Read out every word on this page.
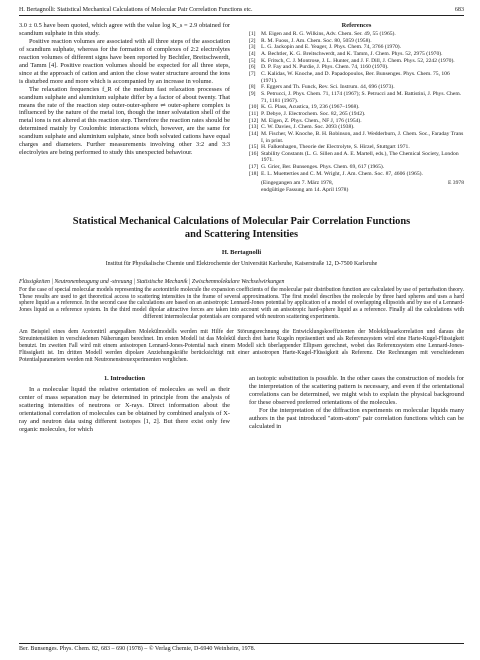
H. Bertagnolli: Statistical Mechanical Calculations of Molecular Pair Correlation Functions etc.	683

3.0 ± 0.5 have been quoted, which agree with the value log K_s = 2.9 obtained for scandium sulphate in this study.

Positive reaction volumes are associated with all three steps of the association of scandium sulphate, whereas for the formation of complexes of 2:2 electrolytes reaction volumes of different signs have been reported by Bechtler, Breitschwerdt, and Tamm [4]. Positive reaction volumes should be expected for all three steps, since at the approach of cation and anion the close water structure around the ions is disturbed more and more which is accompanied by an increase in volume.

The relaxation frequencies f_R of the medium fast relaxation processes of scandium sulphate and aluminium sulphate differ by a factor of about twenty. That means the rate of the reaction step outer-outer-sphere ⇌ outer-sphere complex is influenced by the nature of the metal ion, though the inner solvatation shell of the metal ions is not altered at this reaction step. Therefore the reaction rates should be determined mainly by Coulombic interactions which, however, are the same for scandium sulphate and aluminium sulphate, since both solvated cations have equal charges and diameters. Further measurements involving other 3:2 and 3:3 electrolytes are being performed to study this unexpected behaviour.

References
[1] M. Eigen and R. G. Wilkins, Adv. Chem. Ser. 49, 55 (1965).
[2] R. M. Fuoss, J. Am. Chem. Soc. 80, 5059 (1958).
[3] L. G. Jackopin and E. Yeager, J. Phys. Chem. 74, 3766 (1970).
[4] A. Bechtler, K. G. Breitschwerdt, and K. Tamm, J. Chem. Phys. 52, 2975 (1970).
[5] K. Fritsch, C. J. Montrose, J. L. Hunter, and J. F. Dill, J. Chem. Phys. 52, 2242 (1970).
[6] D. P. Fay and N. Purdie, J. Phys. Chem. 74, 1160 (1970).
[7] C. Kalidas, W. Knoche, and D. Papadopoulos, Ber. Bunsenges. Phys. Chem. 75, 106 (1971).
[8] F. Eggers and Th. Funck, Rev. Sci. Instrum. 44, 696 (1973).
[9] S. Petrucci, J. Phys. Chem. 71, 1174 (1967); S. Petrucci and M. Battistini, J. Phys. Chem. 71, 1181 (1967).
[10] K. G. Plass, Acustica, 19, 236 (1967–1968).
[11] P. Debye, J. Electrochem. Soc. 82, 265 (1942).
[12] M. Eigen, Z. Phys. Chem., NF J, 176 (1954).
[13] C. W. Davies, J. Chem. Soc. 2093 (1938).
[14] M. Fischer, W. Knoche, B. H. Robinson, and J. Wedderburn, J. Chem. Soc., Faraday Trans I, in print.
[15] H. Falkenhagen, Theorie der Electrolyte, S. Hirzel, Stuttgart 1971.
[16] Stability Constants (L. G. Sillen and A. E. Martell, eds.), The Chemical Society, London 1971.
[17] G. Grier, Ber. Bunsenges. Phys. Chem. 69, 617 (1965).
[18] E. L. Muetterties and C. M. Wright, J. Am. Chem. Soc. 87, 4606 (1965).
(Eingegangen am 7. März 1978,	E 3978
endgültige Fassung am 14. April 1978)
Statistical Mechanical Calculations of Molecular Pair Correlation Functions
and Scattering Intensities
H. Bertagnolli
Institut für Physikalische Chemie und Elektrochemie der Universität Karlsruhe, Kaiserstraße 12, D-7500 Karlsruhe
Flüssigkeiten | Neutronenbeugung und -streuung | Statistische Mechanik | Zwischenmolekulare Wechselwirkungen
For the case of special molecular models representing the acetonitrile molecule the expansion coefficients of the molecular pair distribution function are calculated by use of perturbation theory. These results are used to get theoretical access to scattering intensities in the frame of several approximations. The first model describes the molecule by three hard spheres and uses a hard sphere liquid as a reference. In the second case the calculations are based on an anisotropic Lennard-Jones potential by application of a model of overlapping ellipsoids and by use of a Lennard-Jones liquid as a reference system. In the third model dipolar attractive forces are taken into account with an anisotropic hard-sphere liquid as a reference. Finally all the calculations with different intermolecular potentials are compared with neutron scattering experiments.
Am Beispiel eines dem Acetonitril angepaßten Molekülmodells werden mit Hilfe der Störungsrechnung die Entwicklungskoeffizienten der Molekülpaarkorrelation und daraus die Streuintensitäten in verschiedenen Näherungen berechnet. Im ersten Modell ist das Molekül durch drei harte Kugeln repräsentiert und als Referenzsystem wird eine Harte-Kugel-Flüssigkeit benutzt. Im zweiten Fall wird mit einem anisotropen Lennard-Jones-Potential nach einem Modell sich überlappender Ellipsen gerechnet, wobei das Referenzsystem eine Lennard-Jones-Flüssigkeit ist. Im dritten Modell werden dipolare Anziehungskräfte berücksichtigt mit einer anisotropen Harte-Kugel-Flüssigkeit als Referenz. Die Rechnungen mit verschiedenen Potentialparametern werden mit Neutronenstreuexperimenten verglichen.
1. Introduction

In a molecular liquid the relative orientation of molecules as well as their center of mass separation may be determined in principle from the analysis of scattering intensities of neutrons or X-rays. Direct information about the orientational correlation of molecules can be obtained by combined analysis of X-ray and neutron data using different isotopes [1, 2]. But there exist only few organic molecules, for which

an isotopic substitution is possible. In the other cases the construction of models for the interpretation of the scattering pattern is necessary, and even if the orientational correlations can be determined, we might wish to explain the physical background for these observed preferred orientations of the molecules.

For the interpretation of the diffraction experiments on molecular liquids many authors in the past introduced "atom-atom" pair correlation functions which can be calculated in

Ber. Bunsenges. Phys. Chem. 82, 683 – 690 (1978) – © Verlag Chemie, D-6940 Weinheim, 1978.
